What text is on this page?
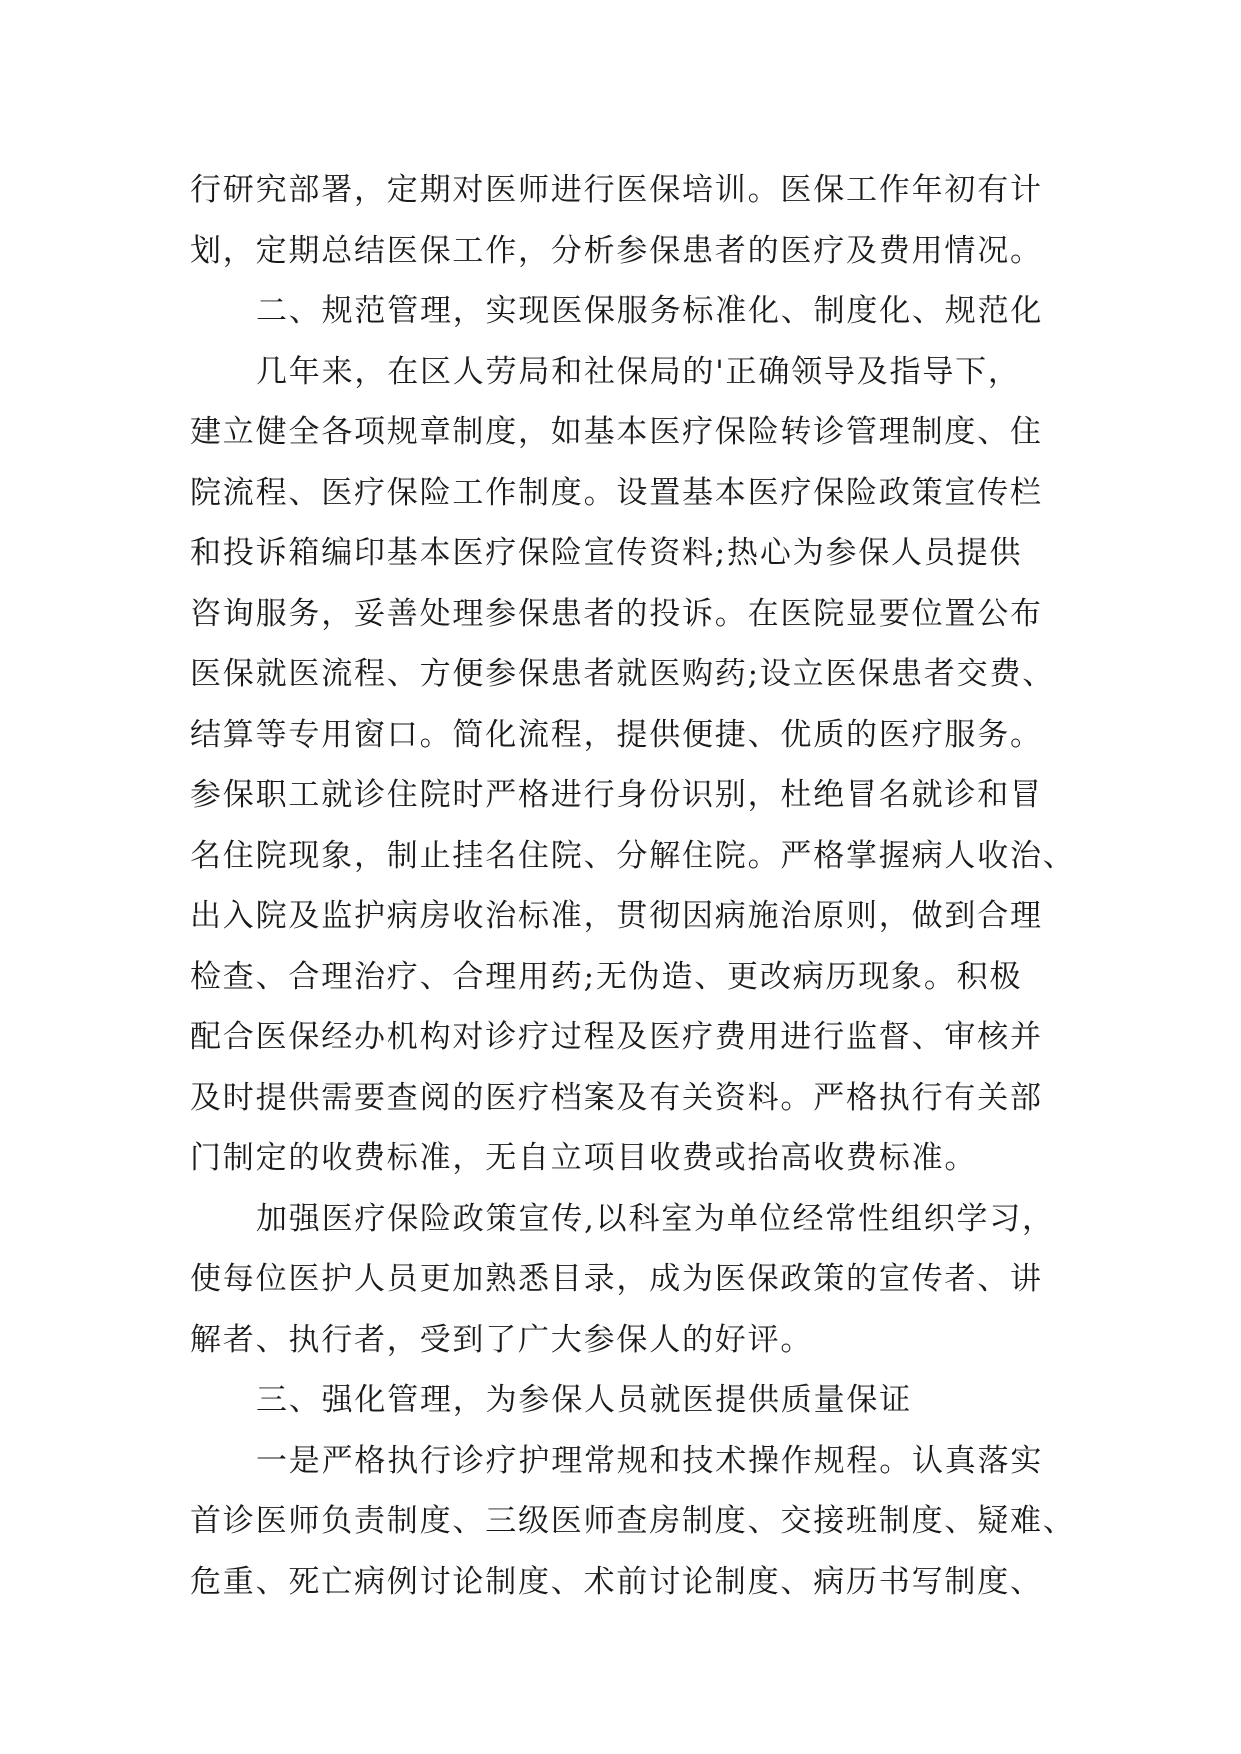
行研究部署，定期对医师进行医保培训。医保工作年初有计
划，定期总结医保工作，分析参保患者的医疗及费用情况。
二、规范管理，实现医保服务标准化、制度化、规范化
几年来，在区人劳局和社保局的'正确领导及指导下，
建立健全各项规章制度，如基本医疗保险转诊管理制度、住
院流程、医疗保险工作制度。设置基本医疗保险政策宣传栏
和投诉箱编印基本医疗保险宣传资料;热心为参保人员提供
咨询服务，妥善处理参保患者的投诉。在医院显要位置公布
医保就医流程、方便参保患者就医购药;设立医保患者交费、
结算等专用窗口。简化流程，提供便捷、优质的医疗服务。
参保职工就诊住院时严格进行身份识别，杜绝冒名就诊和冒
名住院现象，制止挂名住院、分解住院。严格掌握病人收治、
出入院及监护病房收治标准，贯彻因病施治原则，做到合理
检查、合理治疗、合理用药;无伪造、更改病历现象。积极
配合医保经办机构对诊疗过程及医疗费用进行监督、审核并
及时提供需要查阅的医疗档案及有关资料。严格执行有关部
门制定的收费标准，无自立项目收费或抬高收费标准。
加强医疗保险政策宣传,以科室为单位经常性组织学习，
使每位医护人员更加熟悉目录，成为医保政策的宣传者、讲
解者、执行者，受到了广大参保人的好评。
三、强化管理，为参保人员就医提供质量保证
一是严格执行诊疗护理常规和技术操作规程。认真落实
首诊医师负责制度、三级医师查房制度、交接班制度、疑难、
危重、死亡病例讨论制度、术前讨论制度、病历书写制度、
